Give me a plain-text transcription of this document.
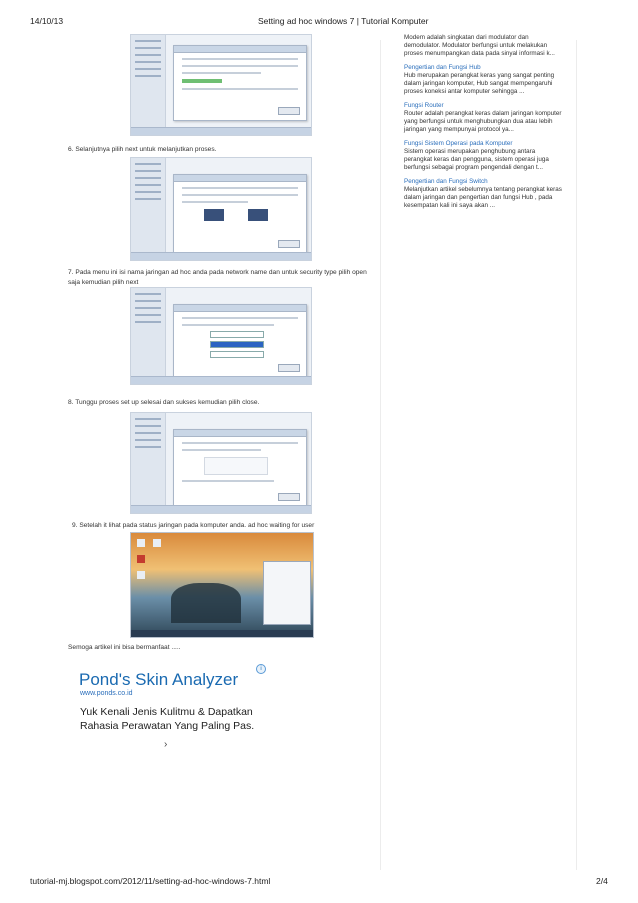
14/10/13	Setting ad hoc windows 7 | Tutorial Komputer
6. Selanjutnya pilih next untuk melanjutkan proses.

7. Pada menu ini isi nama jaringan ad hoc anda pada network name dan untuk security type pilih open saja kemudian pilih next
8. Tunggu proses set up selesai dan sukses kemudian pilih close.
9. Setelah it lihat pada status jaringan pada komputer anda. ad hoc waiting for user
Semoga artikel ini bisa bermanfaat .....
i
Pond's Skin Analyzer
www.ponds.co.id
Yuk Kenali Jenis Kulitmu & Dapatkan Rahasia Perawatan Yang Paling Pas.
›

Modem adalah singkatan dari modulator dan demodulator. Modulator berfungsi untuk melakukan proses menumpangkan data pada sinyal informasi k...

Pengertian dan Fungsi Hub

Hub merupakan perangkat keras yang sangat penting dalam jaringan komputer, Hub sangat mempengaruhi proses koneksi antar komputer sehingga ...

Fungsi Router

Router adalah perangkat keras dalam jaringan komputer yang berfungsi untuk menghubungkan dua atau lebih jaringan yang mempunyai protocol ya...

Fungsi Sistem Operasi pada Komputer

Sistem operasi merupakan penghubung antara perangkat keras dan pengguna, sistem operasi juga berfungsi sebagai program pengendali dengan t...

Pengertian dan Fungsi Switch

Melanjutkan artikel sebelumnya tentang perangkat keras dalam jaringan dan pengertian dan fungsi Hub , pada kesempatan kali ini saya akan ...

tutorial-mj.blogspot.com/2012/11/setting-ad-hoc-windows-7.html	2/4
